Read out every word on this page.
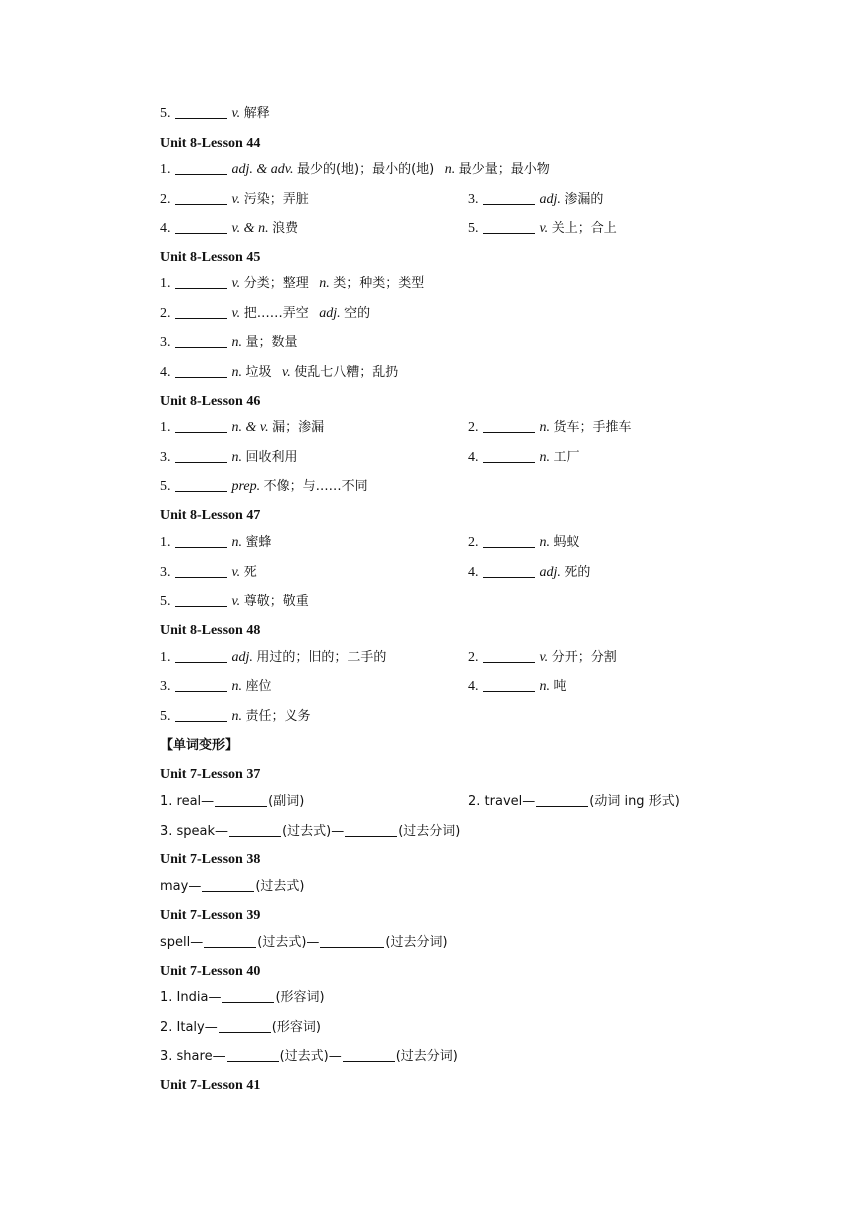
【单词变形】
5.	v. 解释
Unit 8-Lesson 44
1.	adj. & adv. 最少的(地)；最小的(地) n. 最少量；最小物
2.	v. 污染；弄脏	3.	adj. 渗漏的
4.	v. & n. 浪费	5.	v. 关上；合上
Unit 8-Lesson 45
1.	v. 分类；整理 n. 类；种类；类型
2.	v. 把……弄空 adj. 空的
3.	n. 量；数量
4.	n. 垃圾 v. 使乱七八糟；乱扔
Unit 8-Lesson 46
1.	n. & v. 漏；渗漏	2.	n. 货车；手推车
3.	n. 回收利用	4.	n. 工厂
5.	prep. 不像；与……不同
Unit 8-Lesson 47
1.	n. 蜜蜂	2.	n. 蚂蚁
3.	v. 死	4.	adj. 死的
5.	v. 尊敬；敬重
Unit 8-Lesson 48
1.	adj. 用过的；旧的；二手的	2.	v. 分开；分割
3.	n. 座位	4.	n. 吨
5.	n. 责任；义务
Unit 7-Lesson 37
1. real—	(副词)	2. travel—	(动词 ing 形式)
3. speak—	(过去式)—	(过去分词)
Unit 7-Lesson 38
may—	(过去式)
Unit 7-Lesson 39
spell—	(过去式)—	(过去分词)
Unit 7-Lesson 40
1. India—	(形容词)
2. Italy—	(形容词)
3. share—	(过去式)—	(过去分词)
Unit 7-Lesson 41
